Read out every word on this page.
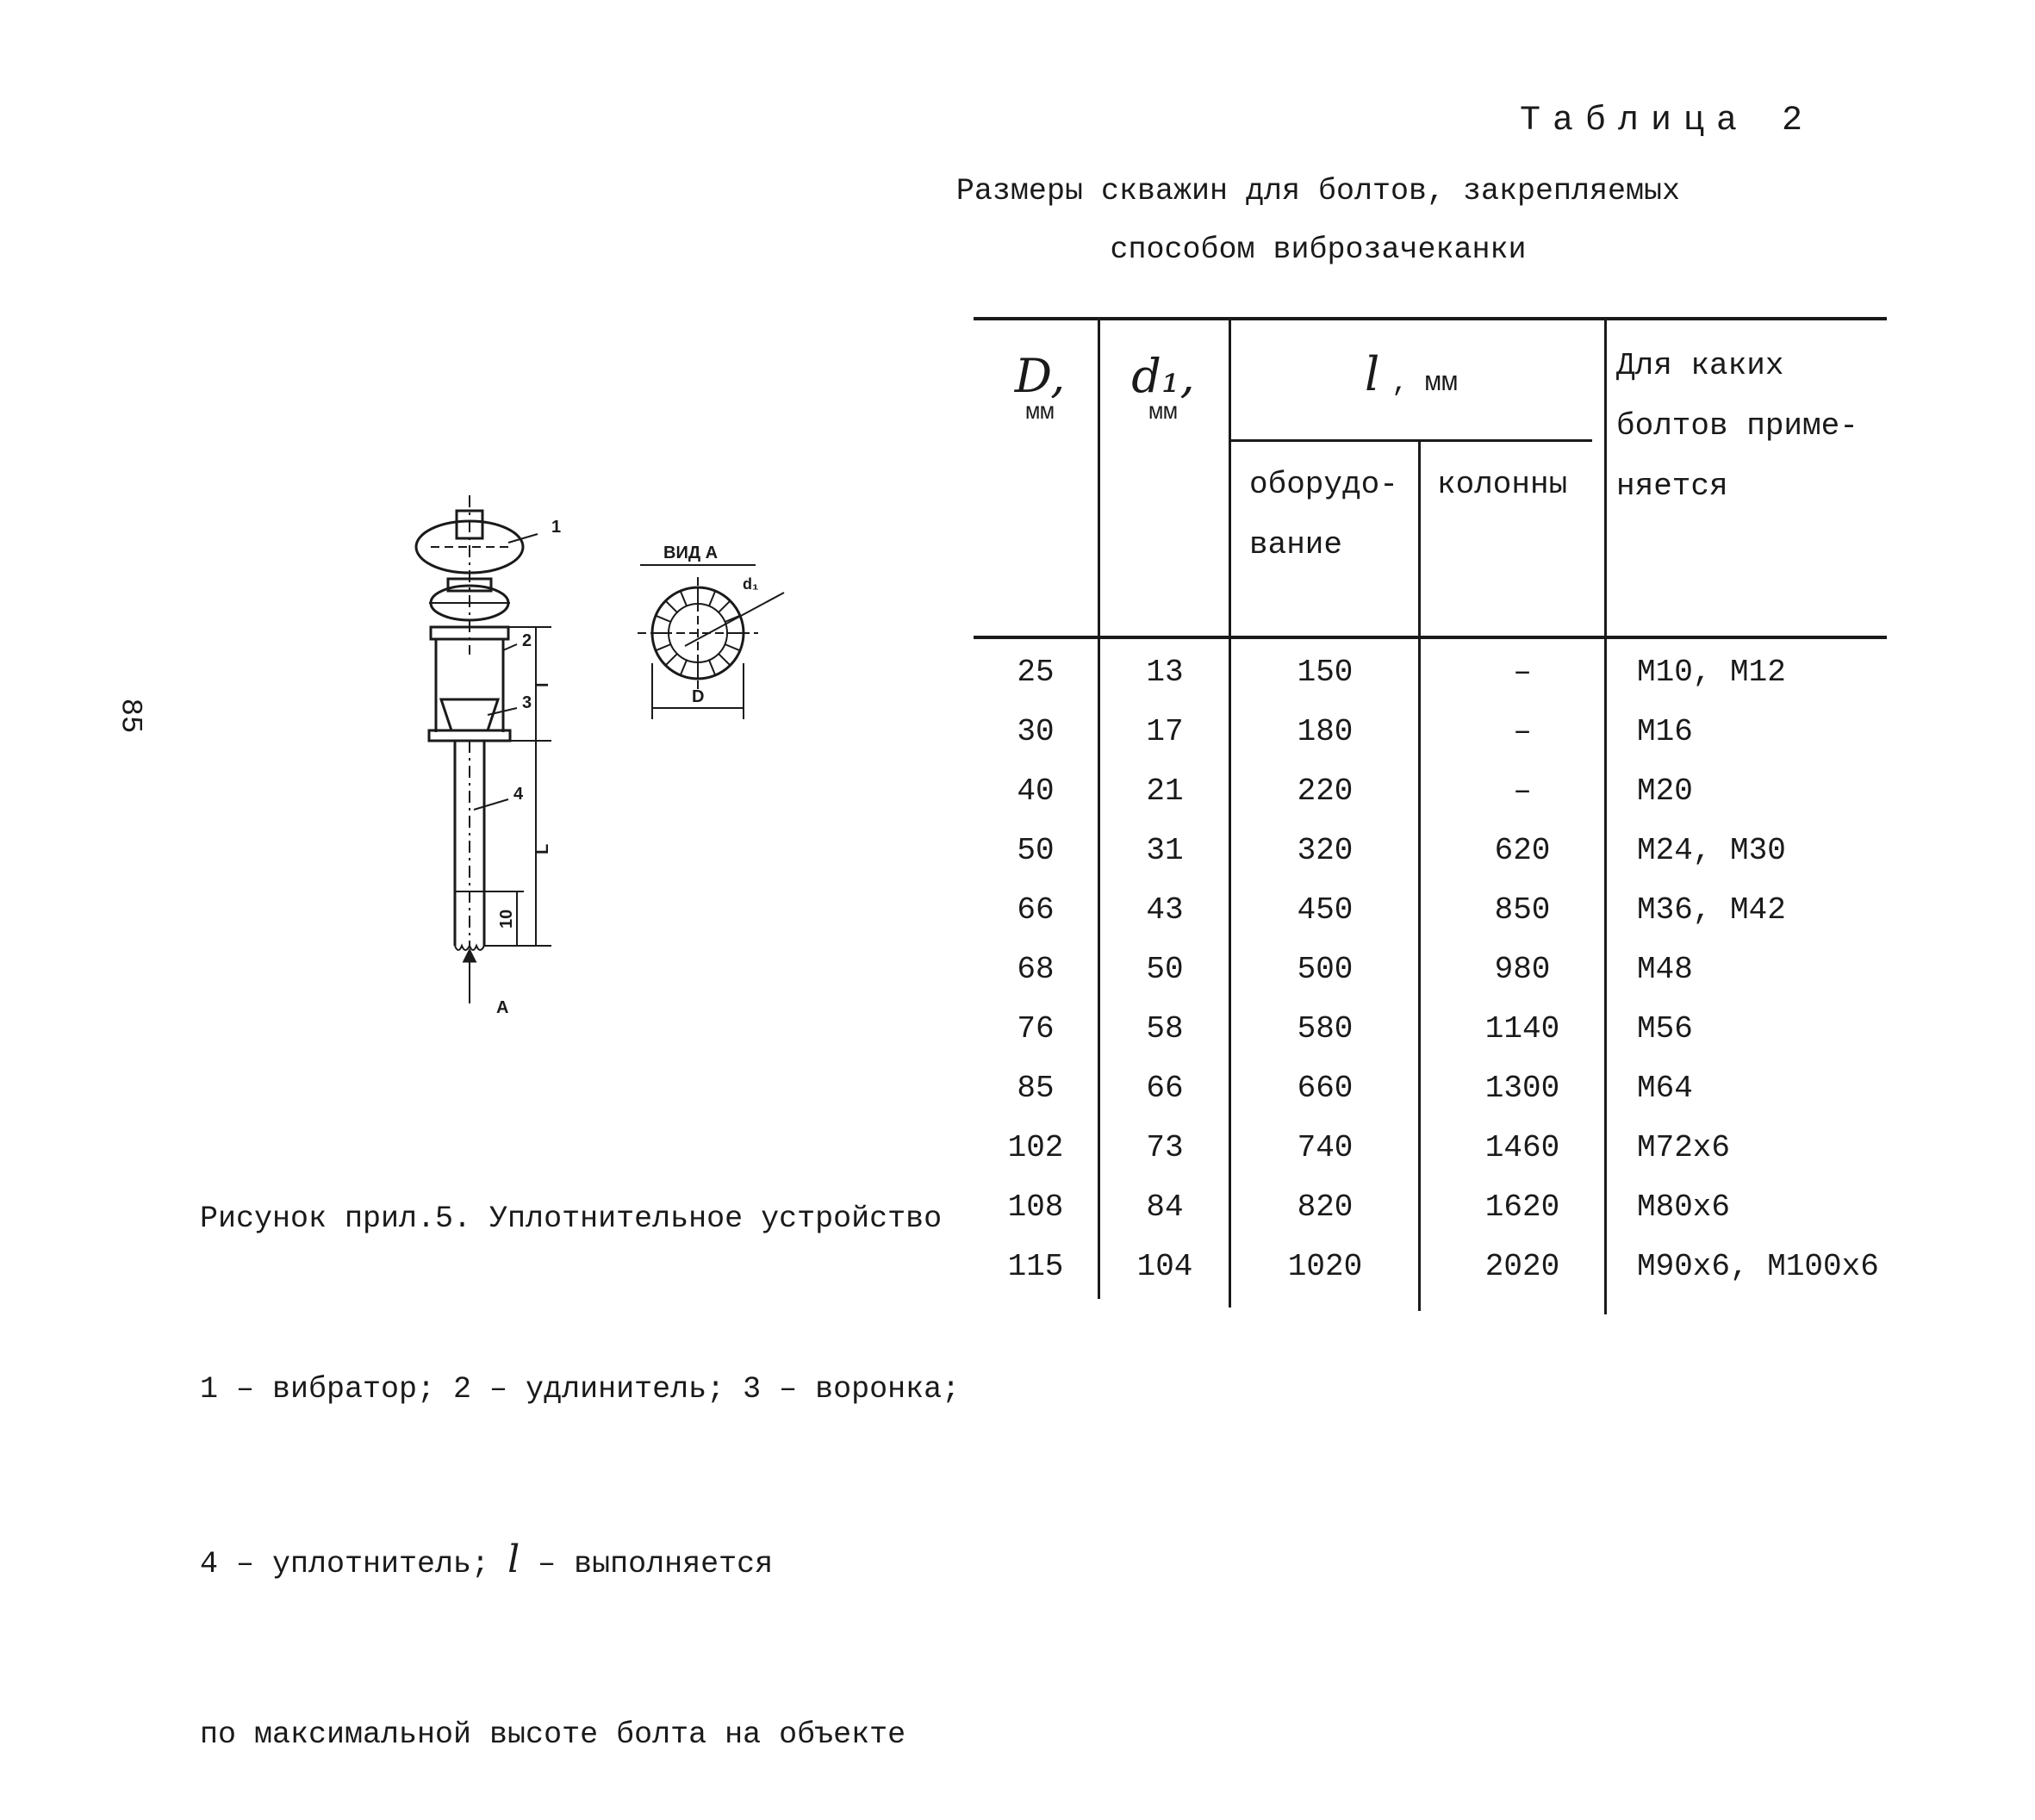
85
Таблица 2
Размеры скважин для болтов, закрепляемых
способом виброзачеканки
D,
мм
d₁,
мм
l , мм
оборудо-
вание
колонны
Для каких
болтов приме-
няется
25	13	150	–	М10, М12
30	17	180	–	М16
40	21	220	–	М20
50	31	320	620	М24, М30
66	43	450	850	М36, М42
68	50	500	980	М48
76	58	580	1140	М56
85	66	660	1300	М64
102	73	740	1460	М72х6
108	84	820	1620	М80х6
115	104	1020	2020	М90х6, М100х6
1
2
3
4
l
L
10
A
ВИД А
d₁
D

Рисунок прил.5. Уплотнительное устройство

1 – вибратор; 2 – удлинитель; 3 – воронка;

4 – уплотнитель; l – выполняется

по максимальной высоте болта на объекте
